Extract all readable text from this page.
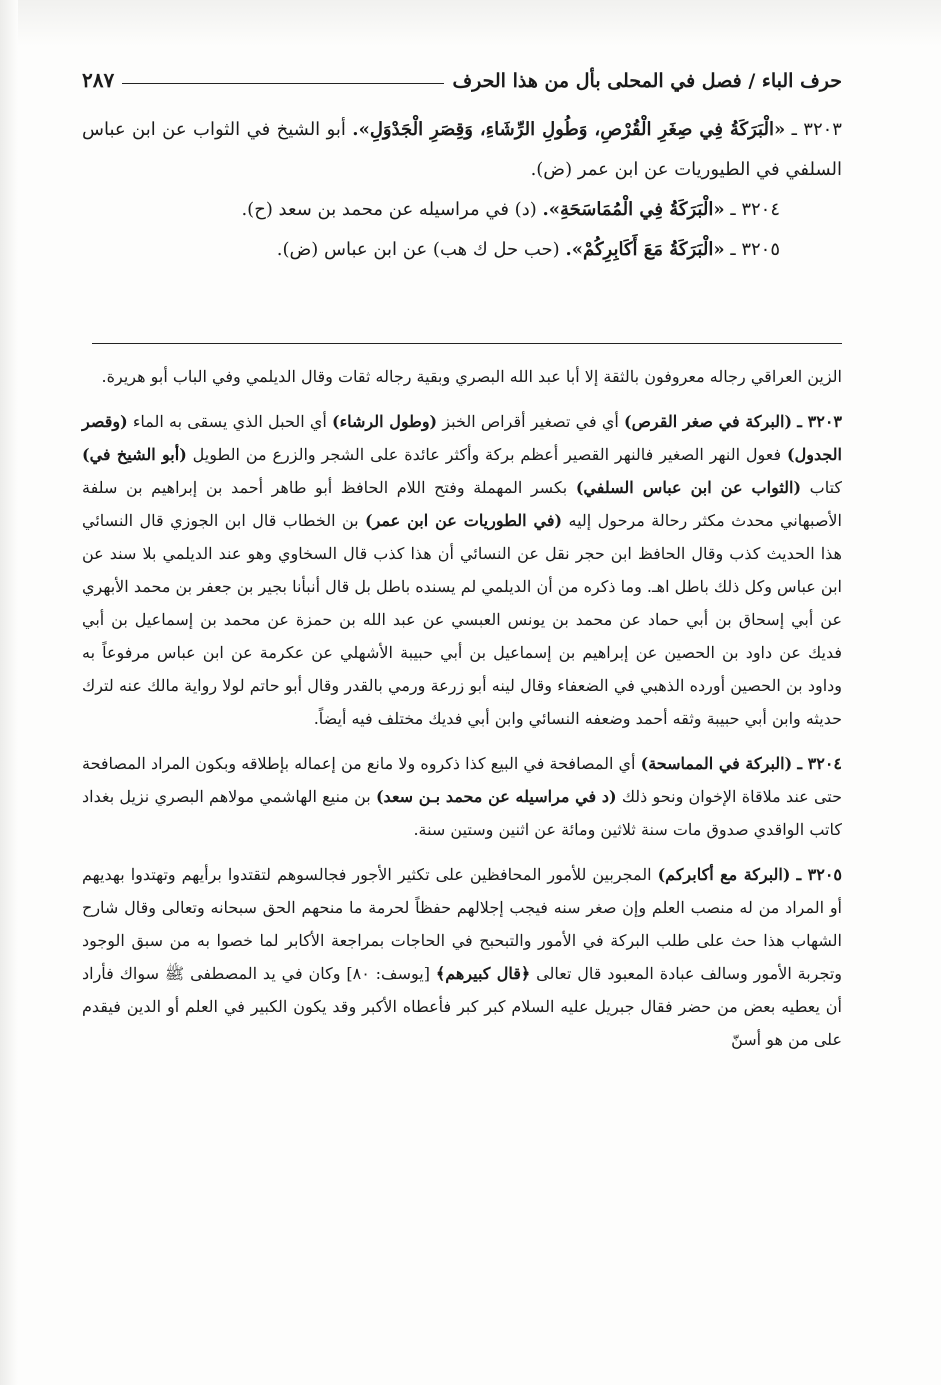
حرف الباء / فصل في المحلى بأل من هذا الحرف
٢٨٧

٣٢٠٣ ـ «الْبَرَكَةُ فِي صِغَرِ الْقُرْصِ، وَطُولِ الرِّشَاءِ، وَقِصَرِ الْجَدْوَلِ». أبو الشيخ في الثواب عن ابن عباس السلفي في الطيوريات عن ابن عمر (ض).

٣٢٠٤ ـ «الْبَرَكَةُ فِي الْمُمَاسَحَةِ». (د) في مراسيله عن محمد بن سعد (ح).

٣٢٠٥ ـ «الْبَرَكَةُ مَعَ أَكَابِرِكُمْ». (حب حل ك هب) عن ابن عباس (ض).

الزين العراقي رجاله معروفون بالثقة إلا أبا عبد الله البصري وبقية رجاله ثقات وقال الديلمي وفي الباب أبو هريرة.

٣٢٠٣ ـ (البركة في صغر القرص) أي في تصغير أقراص الخبز (وطول الرشاء) أي الحبل الذي يسقى به الماء (وقصر الجدول) فعول النهر الصغير فالنهر القصير أعظم بركة وأكثر عائدة على الشجر والزرع من الطويل (أبو الشيخ في) كتاب (الثواب عن ابن عباس السلفي) بكسر المهملة وفتح اللام الحافظ أبو طاهر أحمد بن إبراهيم بن سلفة الأصبهاني محدث مكثر رحالة مرحول إليه (في الطوريات عن ابن عمر) بن الخطاب قال ابن الجوزي قال النسائي هذا الحديث كذب وقال الحافظ ابن حجر نقل عن النسائي أن هذا كذب قال السخاوي وهو عند الديلمي بلا سند عن ابن عباس وكل ذلك باطل اهـ. وما ذكره من أن الديلمي لم يسنده باطل بل قال أنبأنا بجير بن جعفر بن محمد الأبهري عن أبي إسحاق بن أبي حماد عن محمد بن يونس العبسي عن عبد الله بن حمزة عن محمد بن إسماعيل بن أبي فديك عن داود بن الحصين عن إبراهيم بن إسماعيل بن أبي حبيبة الأشهلي عن عكرمة عن ابن عباس مرفوعاً به وداود بن الحصين أورده الذهبي في الضعفاء وقال لينه أبو زرعة ورمي بالقدر وقال أبو حاتم لولا رواية مالك عنه لترك حديثه وابن أبي حبيبة وثقه أحمد وضعفه النسائي وابن أبي فديك مختلف فيه أيضاً.

٣٢٠٤ ـ (البركة في المماسحة) أي المصافحة في البيع كذا ذكروه ولا مانع من إعماله بإطلاقه وبكون المراد المصافحة حتى عند ملاقاة الإخوان ونحو ذلك (د في مراسيله عن محمد بـن سعد) بن منيع الهاشمي مولاهم البصري نزيل بغداد كاتب الواقدي صدوق مات سنة ثلاثين ومائة عن اثنين وستين سنة.

٣٢٠٥ ـ (البركة مع أكابركم) المجربين للأمور المحافظين على تكثير الأجور فجالسوهم لتقتدوا برأيهم وتهتدوا بهديهم أو المراد من له منصب العلم وإن صغر سنه فيجب إجلالهم حفظاً لحرمة ما منحهم الحق سبحانه وتعالى وقال شارح الشهاب هذا حث على طلب البركة في الأمور والتبحبح في الحاجات بمراجعة الأكابر لما خصوا به من سبق الوجود وتجربة الأمور وسالف عبادة المعبود قال تعالى ﴿قال كبيرهم﴾ [يوسف: ٨٠] وكان في يد المصطفى ﷺ سواك فأراد أن يعطيه بعض من حضر فقال جبريل عليه السلام كبر كبر فأعطاه الأكبر وقد يكون الكبير في العلم أو الدين فيقدم على من هو أسنّ
